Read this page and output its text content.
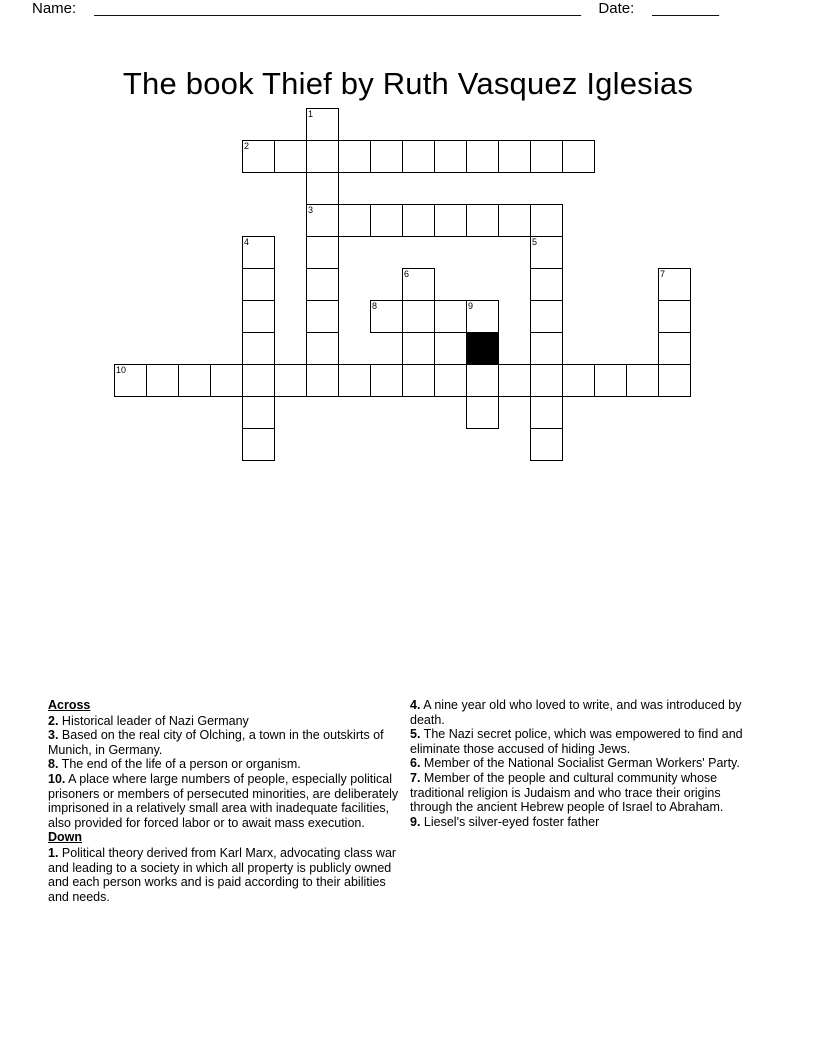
Name: ______________________________________________________________ Date: ________
The book Thief by Ruth Vasquez Iglesias
1
2
3
4	5
6	7
8	9
10
Across
2. Historical leader of Nazi Germany
3. Based on the real city of Olching, a town in the outskirts of Munich, in Germany.
8. The end of the life of a person or organism.
10. A place where large numbers of people, especially political prisoners or members of persecuted minorities, are deliberately imprisoned in a relatively small area with inadequate facilities, also provided for forced labor or to await mass execution.
Down
1. Political theory derived from Karl Marx, advocating class war and leading to a society in which all property is publicly owned and each person works and is paid according to their abilities and needs.
4. A nine year old who loved to write, and was introduced by death.
5. The Nazi secret police, which was empowered to find and eliminate those accused of hiding Jews.
6. Member of the National Socialist German Workers' Party.
7. Member of the people and cultural community whose traditional religion is Judaism and who trace their origins through the ancient Hebrew people of Israel to Abraham.
9. Liesel's silver-eyed foster father
